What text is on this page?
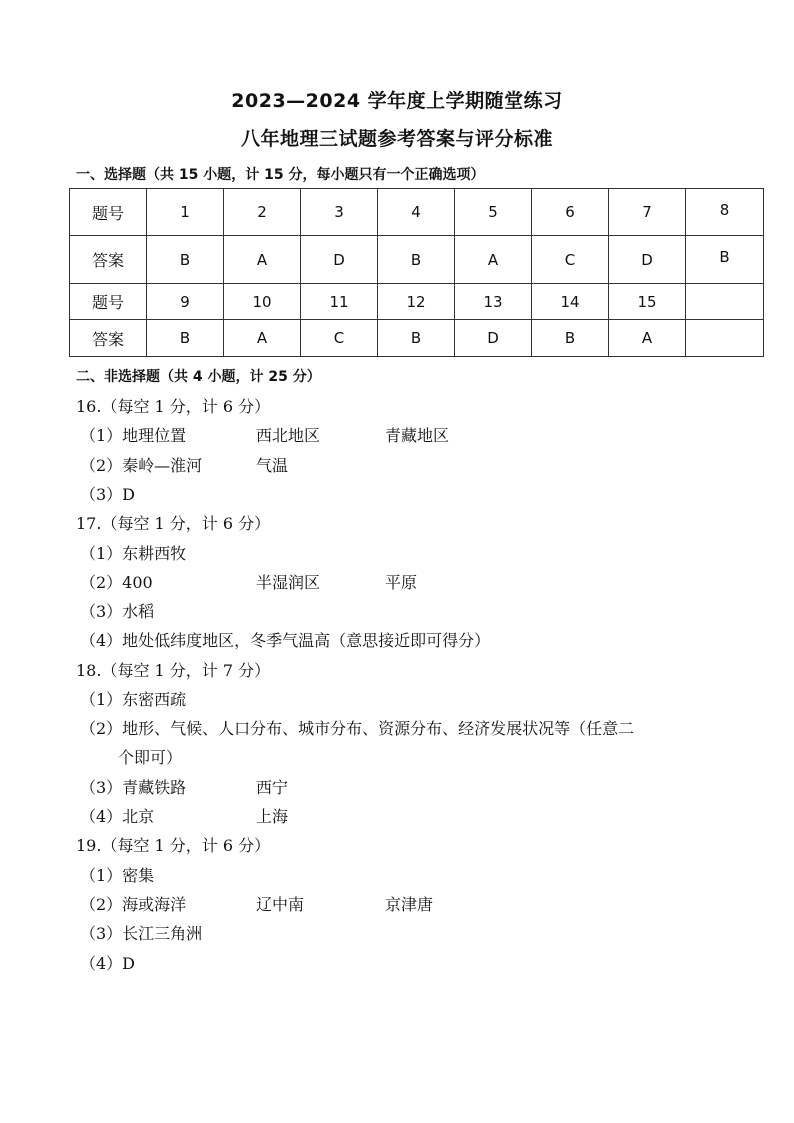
2023—2024 学年度上学期随堂练习
八年地理三试题参考答案与评分标准
一、选择题（共 15 小题，计 15 分，每小题只有一个正确选项）
题号	1	2	3	4	5	6	7	8
答案	B	A	D	B	A	C	D	B
题号	9	10	11	12	13	14	15	
答案	B	A	C	B	D	B	A	
二、非选择题（共 4 小题，计 25 分）
16.（每空 1 分，计 6 分）
（1）地理位置	西北地区	青藏地区
（2）秦岭—淮河	气温
（3）D
17.（每空 1 分，计 6 分）
（1）东耕西牧
（2）400	半湿润区	平原
（3）水稻
（4）地处低纬度地区，冬季气温高（意思接近即可得分）
18.（每空 1 分，计 7 分）
（1）东密西疏
（2）地形、气候、人口分布、城市分布、资源分布、经济发展状况等（任意二
个即可）
（3）青藏铁路	西宁
（4）北京	上海
19.（每空 1 分，计 6 分）
（1）密集
（2）海或海洋	辽中南	京津唐
（3）长江三角洲
（4）D
